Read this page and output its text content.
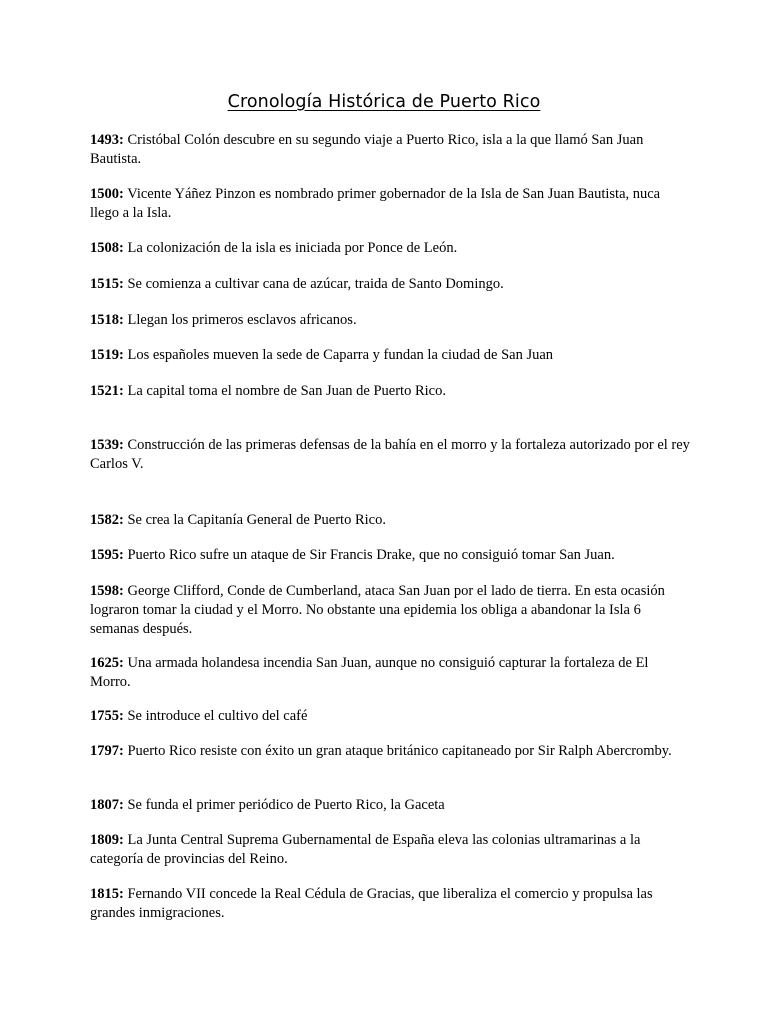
Cronología Histórica de Puerto Rico
1493: Cristóbal Colón descubre en su segundo viaje a Puerto Rico, isla a la que llamó San Juan Bautista.
1500: Vicente Yáñez Pinzon es nombrado primer gobernador de la Isla de San Juan Bautista, nuca llego a la Isla.
1508: La colonización de la isla es iniciada por Ponce de León.
1515: Se comienza a cultivar cana de azúcar, traida de Santo Domingo.
1518: Llegan los primeros esclavos africanos.
1519: Los españoles mueven la sede de Caparra y fundan la ciudad de San Juan
1521: La capital toma el nombre de San Juan de Puerto Rico.
1539: Construcción de las primeras defensas de la bahía en el morro y la fortaleza autorizado por el rey Carlos V.
1582: Se crea la Capitanía General de Puerto Rico.
1595: Puerto Rico sufre un ataque de Sir Francis Drake, que no consiguió tomar San Juan.
1598: George Clifford, Conde de Cumberland, ataca San Juan por el lado de tierra. En esta ocasión lograron tomar la ciudad y el Morro. No obstante una epidemia los obliga a abandonar la Isla 6 semanas después.
1625: Una armada holandesa incendia San Juan, aunque no consiguió capturar la fortaleza de El Morro.
1755: Se introduce el cultivo del café
1797: Puerto Rico resiste con éxito un gran ataque británico capitaneado por Sir Ralph Abercromby.
1807: Se funda el primer periódico de Puerto Rico, la Gaceta
1809: La Junta Central Suprema Gubernamental de España eleva las colonias ultramarinas a la categoría de provincias del Reino.
1815: Fernando VII concede la Real Cédula de Gracias, que liberaliza el comercio y propulsa las grandes inmigraciones.
